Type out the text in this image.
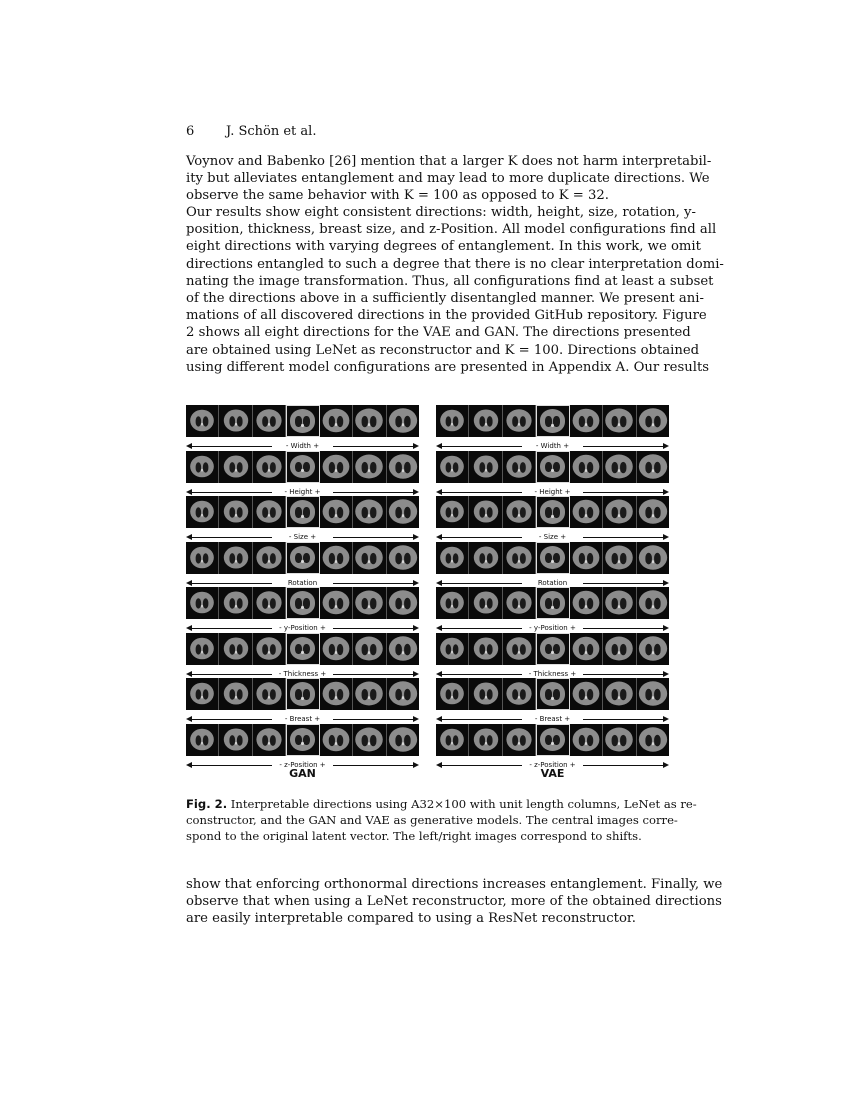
6 J. Schön et al.

Voynov and Babenko [26] mention that a larger K does not harm interpretabil-
ity but alleviates entanglement and may lead to more duplicate directions. We
observe the same behavior with K = 100 as opposed to K = 32.

Our results show eight consistent directions: width, height, size, rotation, y-
position, thickness, breast size, and z-Position. All model configurations find all
eight directions with varying degrees of entanglement. In this work, we omit
directions entangled to such a degree that there is no clear interpretation domi-
nating the image transformation. Thus, all configurations find at least a subset
of the directions above in a sufficiently disentangled manner. We present ani-
mations of all discovered directions in the provided GitHub repository. Figure
2 shows all eight directions for the VAE and GAN. The directions presented
are obtained using LeNet as reconstructor and K = 100. Directions obtained
using different model configurations are presented in Appendix A. Our results

- Width +
- Height +
- Size +
Rotation
- y-Position +
- Thickness +
- Breast +
- z-Position +
GAN
- Width +
- Height +
- Size +
Rotation
- y-Position +
- Thickness +
- Breast +
- z-Position +
VAE
Fig. 2. Interpretable directions using A32×100 with unit length columns, LeNet as re-
constructor, and the GAN and VAE as generative models. The central images corre-
spond to the original latent vector. The left/right images correspond to shifts.

show that enforcing orthonormal directions increases entanglement. Finally, we
observe that when using a LeNet reconstructor, more of the obtained directions
are easily interpretable compared to using a ResNet reconstructor.
